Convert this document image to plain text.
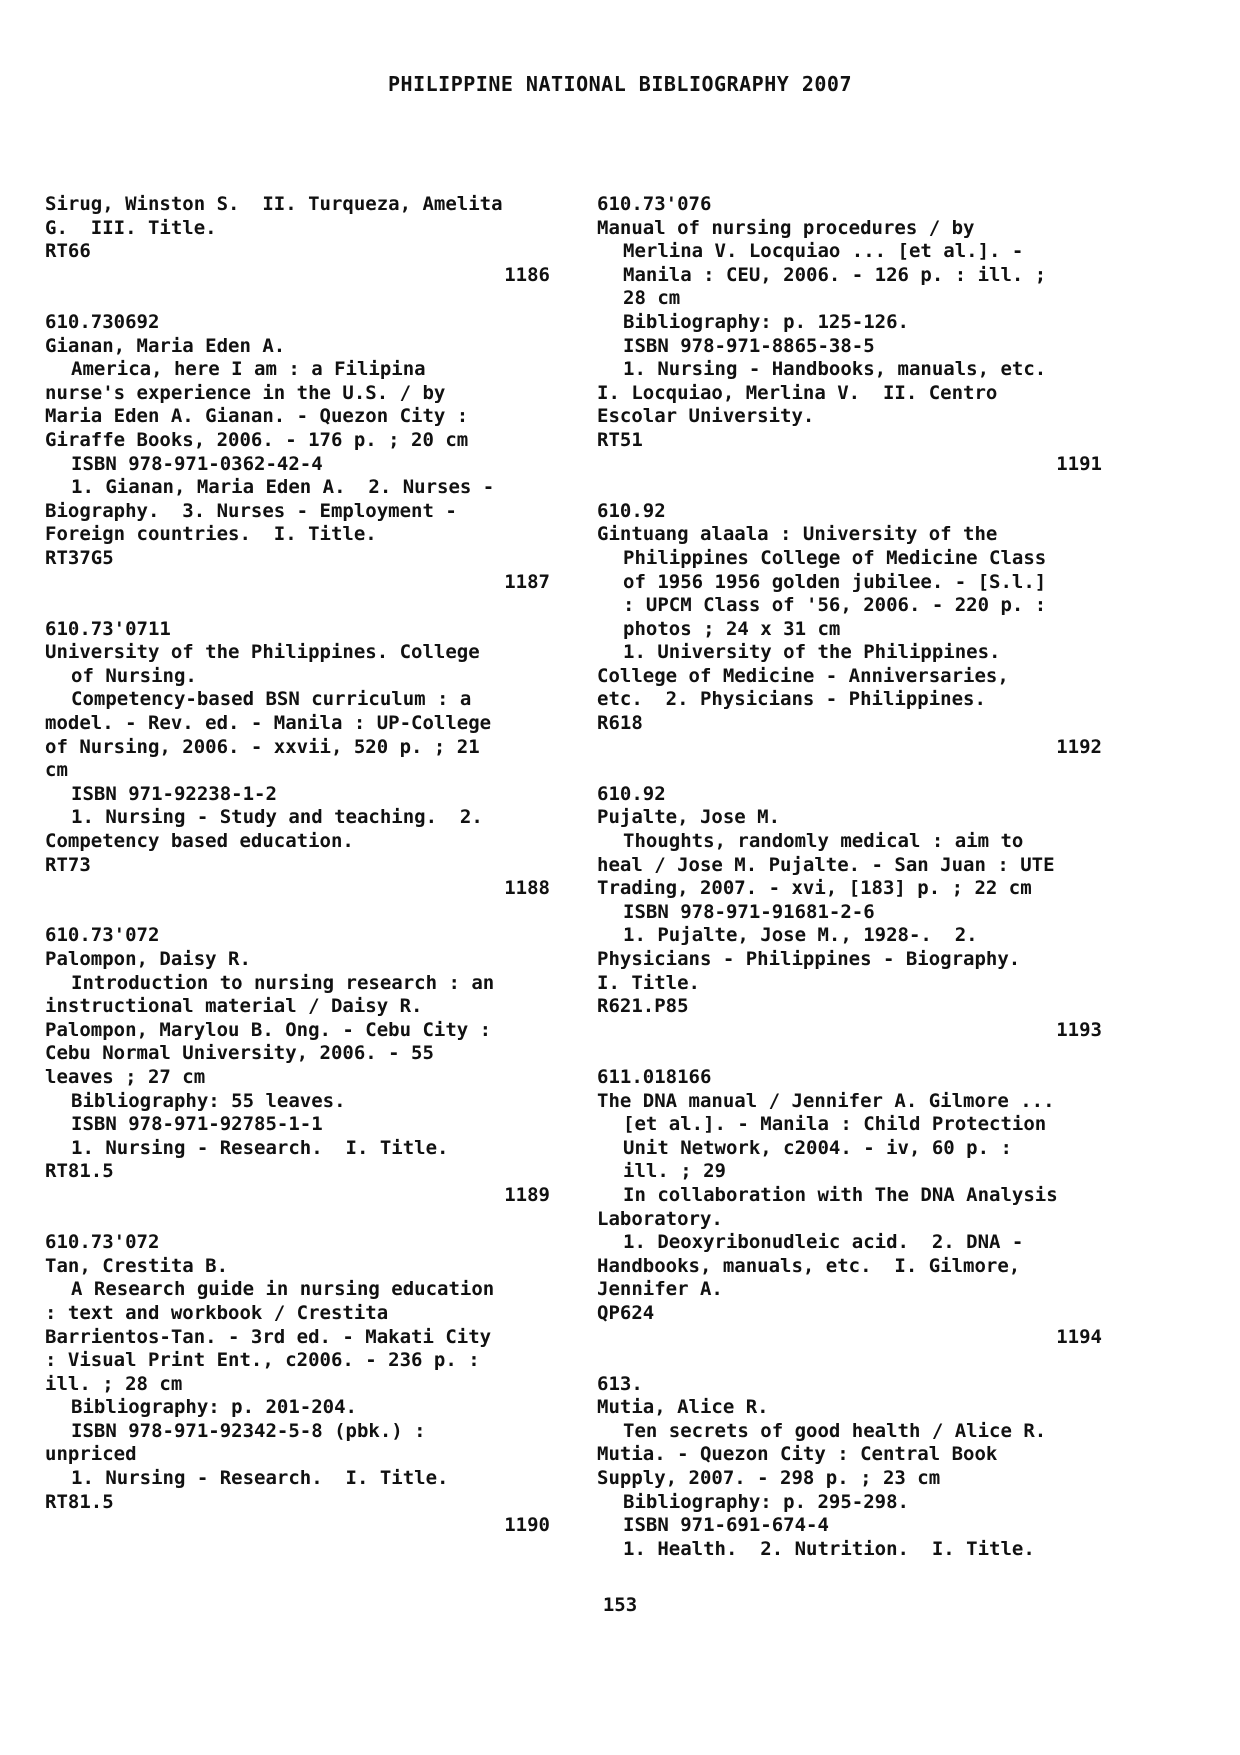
PHILIPPINE NATIONAL BIBLIOGRAPHY 2007
Sirug, Winston S.  II. Turqueza, Amelita
G.  III. Title.
RT66
1186
610.730692
Gianan, Maria Eden A.
America, here I am : a Filipina
nurse's experience in the U.S. / by
Maria Eden A. Gianan. - Quezon City :
Giraffe Books, 2006. - 176 p. ; 20 cm
ISBN 978-971-0362-42-4
1. Gianan, Maria Eden A.  2. Nurses -
Biography.  3. Nurses - Employment -
Foreign countries.  I. Title.
RT37G5
1187
610.73'0711
University of the Philippines. College
of Nursing.
Competency-based BSN curriculum : a
model. - Rev. ed. - Manila : UP-College
of Nursing, 2006. - xxvii, 520 p. ; 21
cm
ISBN 971-92238-1-2
1. Nursing - Study and teaching.  2.
Competency based education.
RT73
1188
610.73'072
Palompon, Daisy R.
Introduction to nursing research : an
instructional material / Daisy R.
Palompon, Marylou B. Ong. - Cebu City :
Cebu Normal University, 2006. - 55
leaves ; 27 cm
Bibliography: 55 leaves.
ISBN 978-971-92785-1-1
1. Nursing - Research.  I. Title.
RT81.5
1189
610.73'072
Tan, Crestita B.
A Research guide in nursing education
: text and workbook / Crestita
Barrientos-Tan. - 3rd ed. - Makati City
: Visual Print Ent., c2006. - 236 p. :
ill. ; 28 cm
Bibliography: p. 201-204.
ISBN 978-971-92342-5-8 (pbk.) :
unpriced
1. Nursing - Research.  I. Title.
RT81.5
1190
610.73'076
Manual of nursing procedures / by
Merlina V. Locquiao ... [et al.]. -
Manila : CEU, 2006. - 126 p. : ill. ;
28 cm
Bibliography: p. 125-126.
ISBN 978-971-8865-38-5
1. Nursing - Handbooks, manuals, etc.
I. Locquiao, Merlina V.  II. Centro
Escolar University.
RT51
1191
610.92
Gintuang alaala : University of the
Philippines College of Medicine Class
of 1956 1956 golden jubilee. - [S.l.]
: UPCM Class of '56, 2006. - 220 p. :
photos ; 24 x 31 cm
1. University of the Philippines.
College of Medicine - Anniversaries,
etc.  2. Physicians - Philippines.
R618
1192
610.92
Pujalte, Jose M.
Thoughts, randomly medical : aim to
heal / Jose M. Pujalte. - San Juan : UTE
Trading, 2007. - xvi, [183] p. ; 22 cm
ISBN 978-971-91681-2-6
1. Pujalte, Jose M., 1928-.  2.
Physicians - Philippines - Biography.
I. Title.
R621.P85
1193
611.018166
The DNA manual / Jennifer A. Gilmore ...
[et al.]. - Manila : Child Protection
Unit Network, c2004. - iv, 60 p. :
ill. ; 29
In collaboration with The DNA Analysis
Laboratory.
1. Deoxyribonudleic acid.  2. DNA -
Handbooks, manuals, etc.  I. Gilmore,
Jennifer A.
QP624
1194
613.
Mutia, Alice R.
Ten secrets of good health / Alice R.
Mutia. - Quezon City : Central Book
Supply, 2007. - 298 p. ; 23 cm
Bibliography: p. 295-298.
ISBN 971-691-674-4
1. Health.  2. Nutrition.  I. Title.
153
